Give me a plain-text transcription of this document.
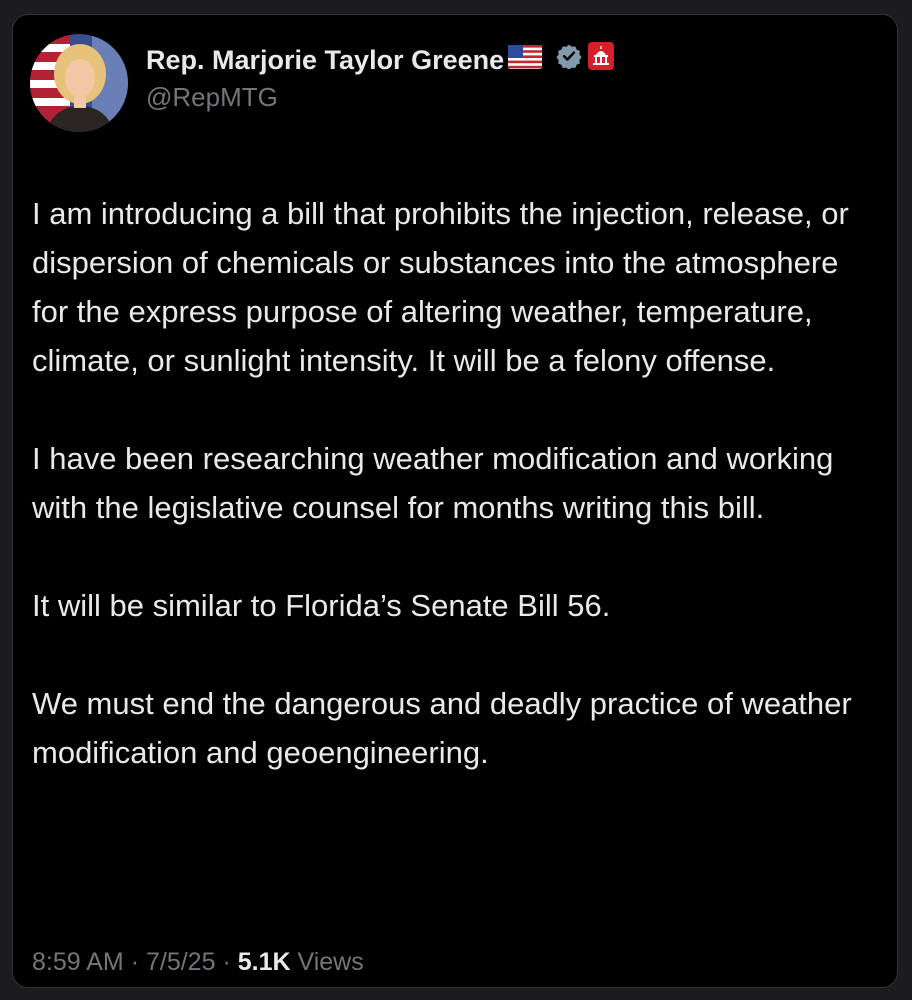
Rep. Marjorie Taylor Greene
@RepMTG

I am introducing a bill that prohibits the injection, release, or dispersion of chemicals or substances into the atmosphere for the express purpose of altering weather, temperature, climate, or sunlight intensity. It will be a felony offense.

I have been researching weather modification and working with the legislative counsel for months writing this bill.

It will be similar to Florida’s Senate Bill 56.

We must end the dangerous and deadly practice of weather modification and geoengineering.

8:59 AM · 7/5/25 · 5.1K Views
